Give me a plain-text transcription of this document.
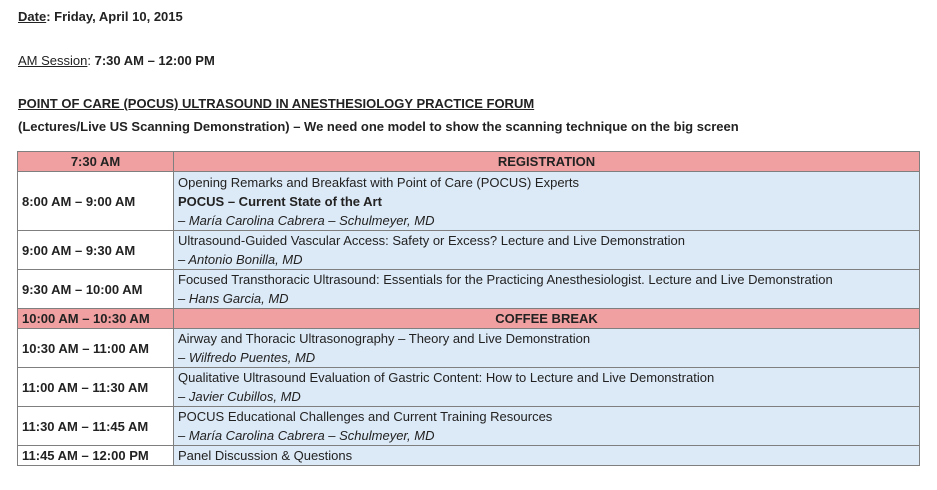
Date: Friday, April 10, 2015
AM Session: 7:30 AM – 12:00 PM
POINT OF CARE (POCUS) ULTRASOUND IN ANESTHESIOLOGY PRACTICE FORUM
(Lectures/Live US Scanning Demonstration) – We need one model to show the scanning technique on the big screen
7:30 AM	REGISTRATION
8:00 AM – 9:00 AM	Opening Remarks and Breakfast with Point of Care (POCUS) Experts
POCUS – Current State of the Art
– María Carolina Cabrera – Schulmeyer, MD

9:00 AM – 9:30 AM	Ultrasound-Guided Vascular Access: Safety or Excess? Lecture and Live Demonstration
– Antonio Bonilla, MD

9:30 AM – 10:00 AM	Focused Transthoracic Ultrasound: Essentials for the Practicing Anesthesiologist. Lecture and Live Demonstration
– Hans Garcia, MD

10:00 AM – 10:30 AM	COFFEE BREAK
10:30 AM – 11:00 AM	Airway and Thoracic Ultrasonography – Theory and Live Demonstration
– Wilfredo Puentes, MD

11:00 AM – 11:30 AM	Qualitative Ultrasound Evaluation of Gastric Content: How to Lecture and Live Demonstration
– Javier Cubillos, MD

11:30 AM – 11:45 AM	POCUS Educational Challenges and Current Training Resources
– María Carolina Cabrera – Schulmeyer, MD

11:45 AM – 12:00 PM	Panel Discussion & Questions
